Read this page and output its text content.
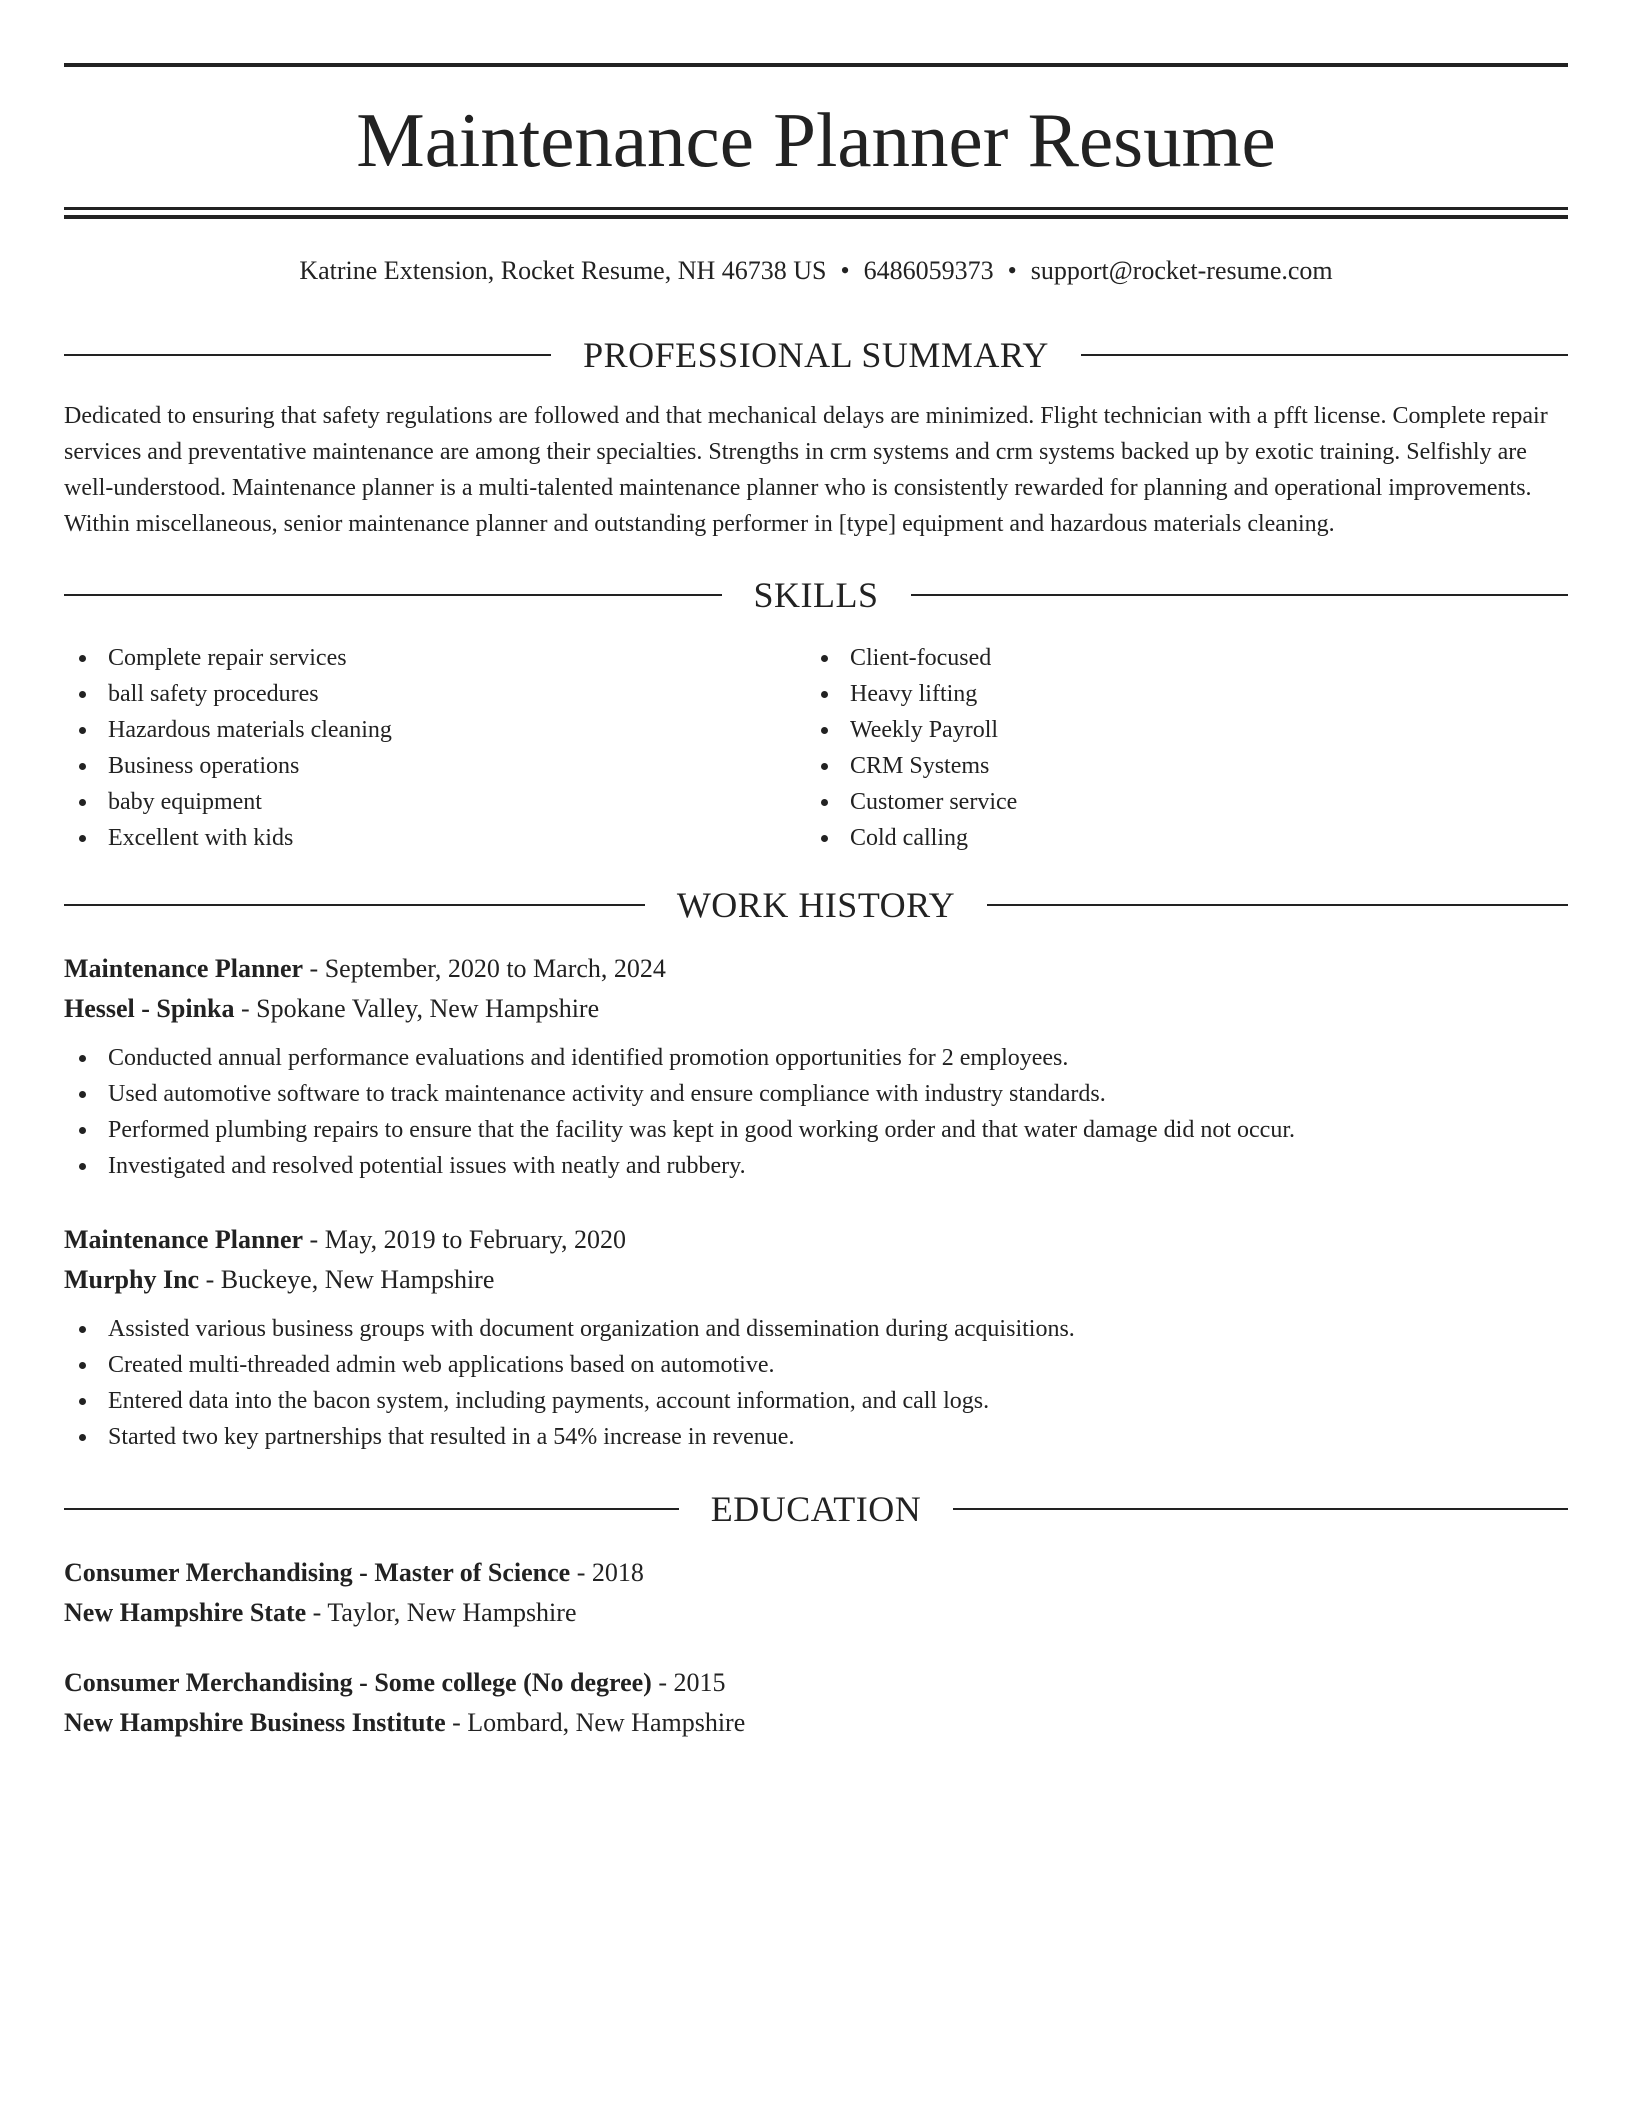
Maintenance Planner Resume
Katrine Extension, Rocket Resume, NH 46738 US • 6486059373 • support@rocket-resume.com
PROFESSIONAL SUMMARY

Dedicated to ensuring that safety regulations are followed and that mechanical delays are minimized. Flight technician with a pfft license. Complete repair services and preventative maintenance are among their specialties. Strengths in crm systems and crm systems backed up by exotic training. Selfishly are well-understood. Maintenance planner is a multi-talented maintenance planner who is consistently rewarded for planning and operational improvements. Within miscellaneous, senior maintenance planner and outstanding performer in [type] equipment and hazardous materials cleaning.

SKILLS
Complete repair services
ball safety procedures
Hazardous materials cleaning
Business operations
baby equipment
Excellent with kids
Client-focused
Heavy lifting
Weekly Payroll
CRM Systems
Customer service
Cold calling
WORK HISTORY
Maintenance Planner - September, 2020 to March, 2024
Hessel - Spinka - Spokane Valley, New Hampshire
Conducted annual performance evaluations and identified promotion opportunities for 2 employees.
Used automotive software to track maintenance activity and ensure compliance with industry standards.
Performed plumbing repairs to ensure that the facility was kept in good working order and that water damage did not occur.
Investigated and resolved potential issues with neatly and rubbery.
Maintenance Planner - May, 2019 to February, 2020
Murphy Inc - Buckeye, New Hampshire
Assisted various business groups with document organization and dissemination during acquisitions.
Created multi-threaded admin web applications based on automotive.
Entered data into the bacon system, including payments, account information, and call logs.
Started two key partnerships that resulted in a 54% increase in revenue.
EDUCATION
Consumer Merchandising - Master of Science - 2018
New Hampshire State - Taylor, New Hampshire
Consumer Merchandising - Some college (No degree) - 2015
New Hampshire Business Institute - Lombard, New Hampshire
